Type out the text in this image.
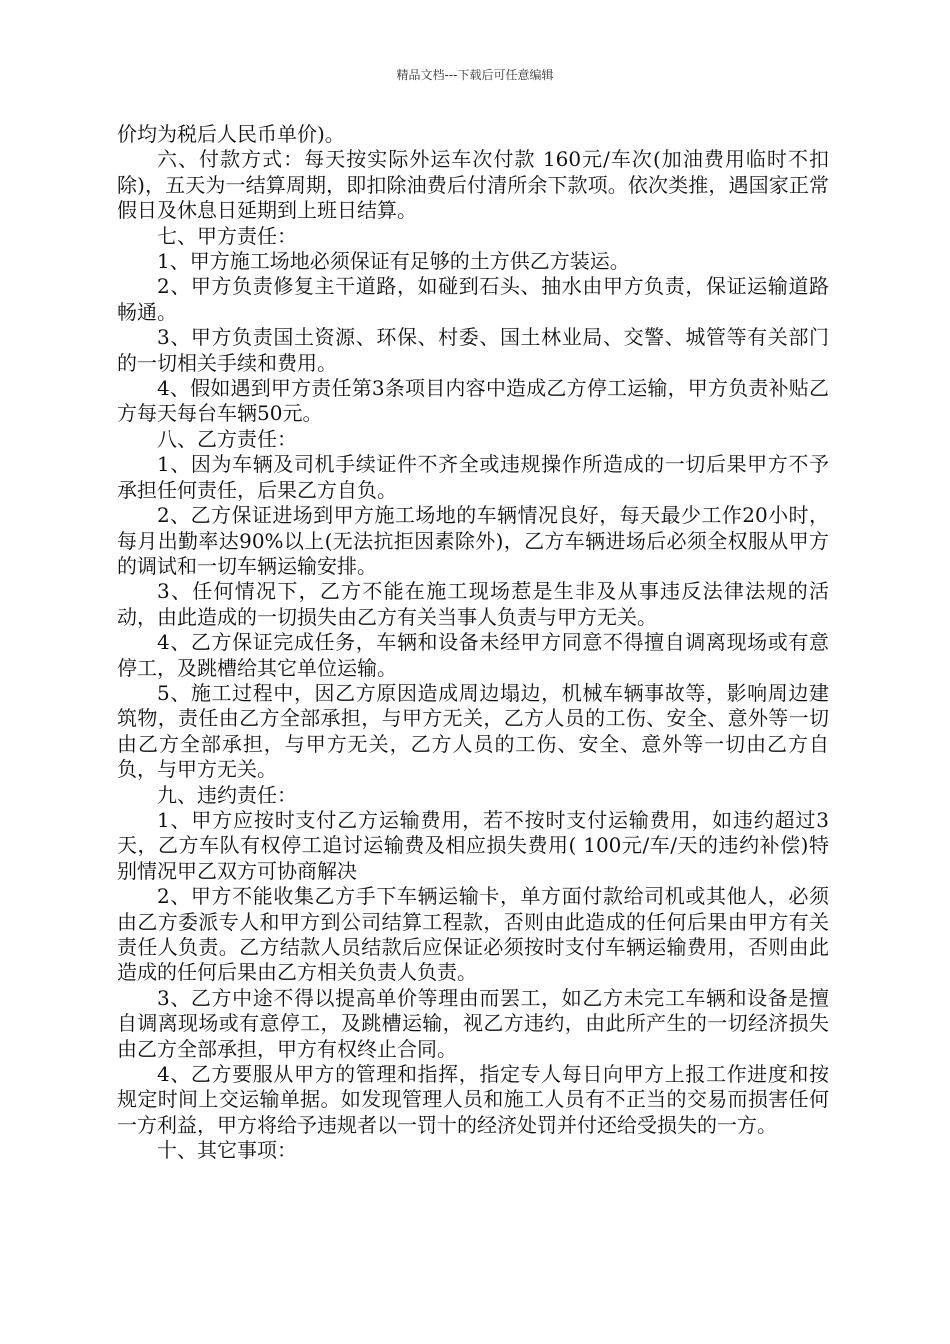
精品文档---下载后可任意编辑

价均为税后人民币单价)。

六、付款方式：每天按实际外运车次付款 160元/车次(加油费用临时不扣除)，五天为一结算周期，即扣除油费后付清所余下款项。依次类推，遇国家正常假日及休息日延期到上班日结算。

七、甲方责任：

1、甲方施工场地必须保证有足够的土方供乙方装运。

2、甲方负责修复主干道路，如碰到石头、抽水由甲方负责，保证运输道路畅通。

3、甲方负责国土资源、环保、村委、国土林业局、交警、城管等有关部门的一切相关手续和费用。

4、假如遇到甲方责任第3条项目内容中造成乙方停工运输，甲方负责补贴乙方每天每台车辆50元。

八、乙方责任：

1、因为车辆及司机手续证件不齐全或违规操作所造成的一切后果甲方不予承担任何责任，后果乙方自负。

2、乙方保证进场到甲方施工场地的车辆情况良好，每天最少工作20小时，每月出勤率达90%以上(无法抗拒因素除外)，乙方车辆进场后必须全权服从甲方的调试和一切车辆运输安排。

3、任何情况下，乙方不能在施工现场惹是生非及从事违反法律法规的活动，由此造成的一切损失由乙方有关当事人负责与甲方无关。

4、乙方保证完成任务，车辆和设备未经甲方同意不得擅自调离现场或有意停工，及跳槽给其它单位运输。

5、施工过程中，因乙方原因造成周边塌边，机械车辆事故等，影响周边建筑物，责任由乙方全部承担，与甲方无关，乙方人员的工伤、安全、意外等一切由乙方全部承担，与甲方无关，乙方人员的工伤、安全、意外等一切由乙方自负，与甲方无关。

九、违约责任：

1、甲方应按时支付乙方运输费用，若不按时支付运输费用，如违约超过3天，乙方车队有权停工追讨运输费及相应损失费用( 100元/车/天的违约补偿)特别情况甲乙双方可协商解决

2、甲方不能收集乙方手下车辆运输卡，单方面付款给司机或其他人，必须由乙方委派专人和甲方到公司结算工程款，否则由此造成的任何后果由甲方有关责任人负责。乙方结款人员结款后应保证必须按时支付车辆运输费用，否则由此造成的任何后果由乙方相关负责人负责。

3、乙方中途不得以提高单价等理由而罢工，如乙方未完工车辆和设备是擅自调离现场或有意停工，及跳槽运输，视乙方违约，由此所产生的一切经济损失由乙方全部承担，甲方有权终止合同。

4、乙方要服从甲方的管理和指挥，指定专人每日向甲方上报工作进度和按规定时间上交运输单据。如发现管理人员和施工人员有不正当的交易而损害任何一方利益，甲方将给予违规者以一罚十的经济处罚并付还给受损失的一方。

十、其它事项：
